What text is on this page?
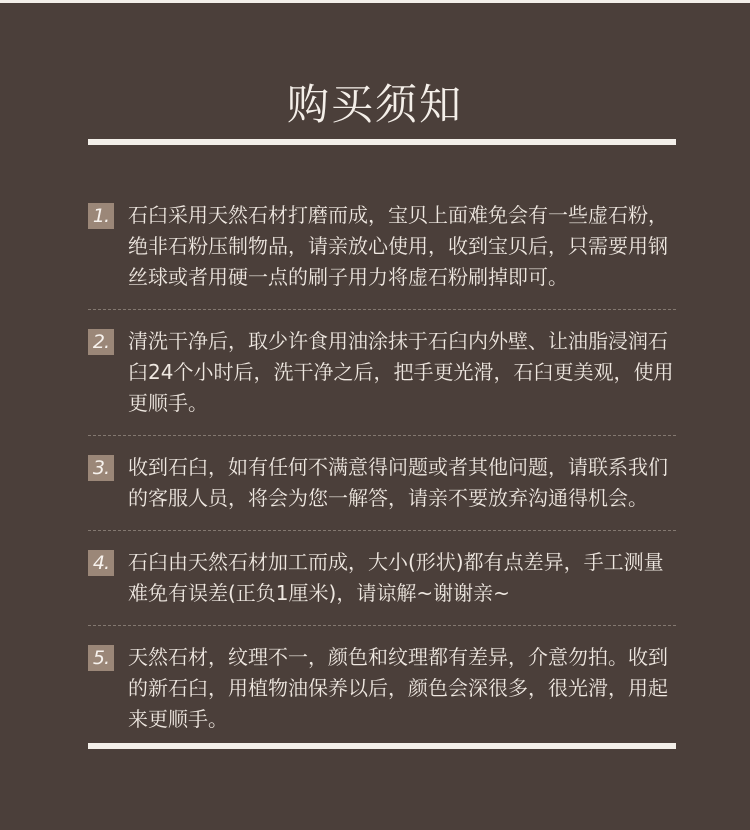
购买须知
1. 石臼采用天然石材打磨而成，宝贝上面难免会有一些虚石粉，绝非石粉压制物品，请亲放心使用，收到宝贝后，只需要用钢丝球或者用硬一点的刷子用力将虚石粉刷掉即可。
2. 清洗干净后，取少许食用油涂抹于石臼内外壁、让油脂浸润石臼24个小时后，洗干净之后，把手更光滑，石臼更美观，使用更顺手。
3. 收到石臼，如有任何不满意得问题或者其他问题，请联系我们的客服人员，将会为您一解答，请亲不要放弃沟通得机会。
4. 石臼由天然石材加工而成，大小(形状)都有点差异，手工测量难免有误差(正负1厘米)，请谅解~谢谢亲~
5. 天然石材，纹理不一，颜色和纹理都有差异，介意勿拍。收到的新石臼，用植物油保养以后，颜色会深很多，很光滑，用起来更顺手。
